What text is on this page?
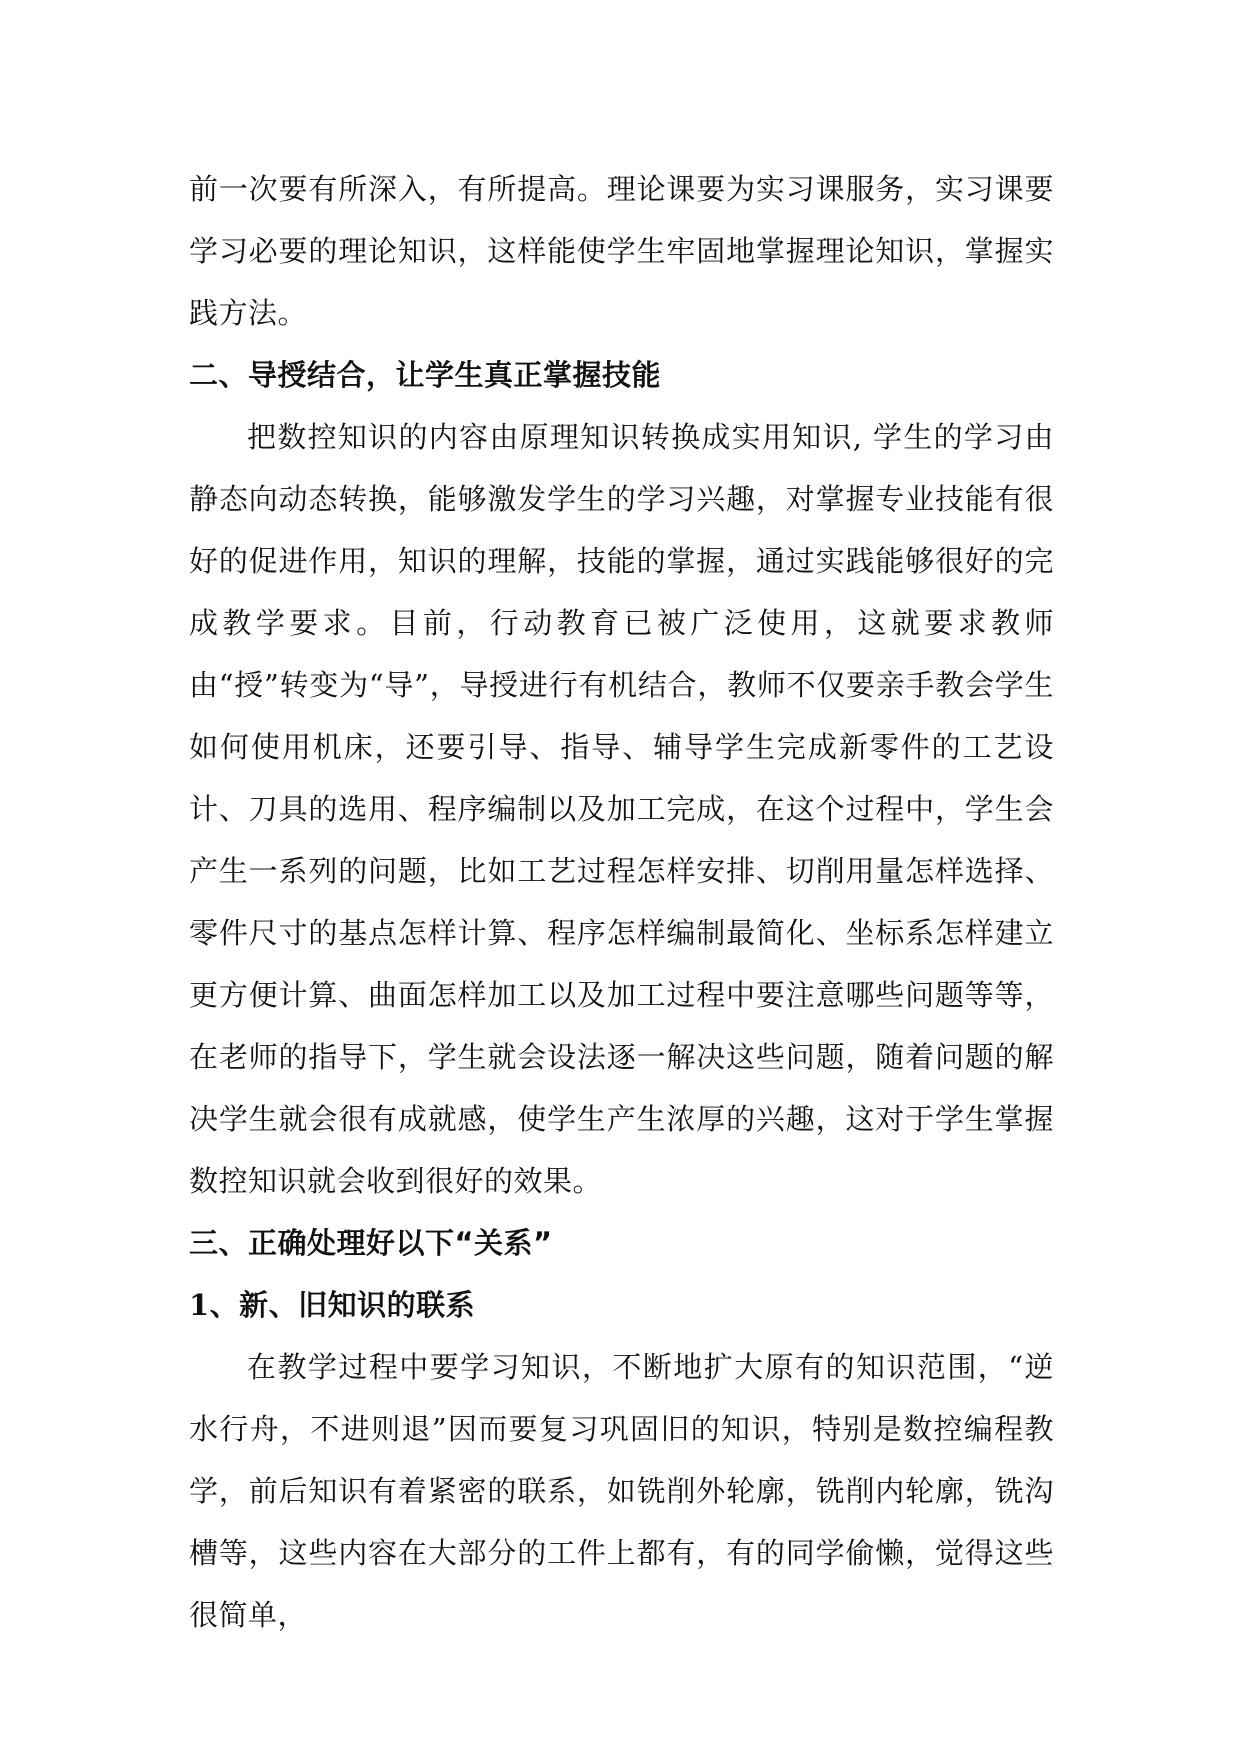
前一次要有所深入，有所提高。理论课要为实习课服务，实习课要学习必要的理论知识，这样能使学生牢固地掌握理论知识，掌握实践方法。

二、导授结合，让学生真正掌握技能

把数控知识的内容由原理知识转换成实用知识, 学生的学习由静态向动态转换，能够激发学生的学习兴趣，对掌握专业技能有很好的促进作用，知识的理解，技能的掌握，通过实践能够很好的完成教学要求。目前，行动教育已被广泛使用，这就要求教师由“授”转变为“导”，导授进行有机结合，教师不仅要亲手教会学生如何使用机床，还要引导、指导、辅导学生完成新零件的工艺设计、刀具的选用、程序编制以及加工完成，在这个过程中，学生会产生一系列的问题，比如工艺过程怎样安排、切削用量怎样选择、零件尺寸的基点怎样计算、程序怎样编制最简化、坐标系怎样建立更方便计算、曲面怎样加工以及加工过程中要注意哪些问题等等，在老师的指导下，学生就会设法逐一解决这些问题，随着问题的解决学生就会很有成就感，使学生产生浓厚的兴趣，这对于学生掌握数控知识就会收到很好的效果。

三、正确处理好以下“关系”
1、新、旧知识的联系

在教学过程中要学习知识，不断地扩大原有的知识范围，“逆水行舟，不进则退”因而要复习巩固旧的知识，特别是数控编程教学，前后知识有着紧密的联系，如铣削外轮廓，铣削内轮廓，铣沟槽等，这些内容在大部分的工件上都有，有的同学偷懒，觉得这些很简单，
